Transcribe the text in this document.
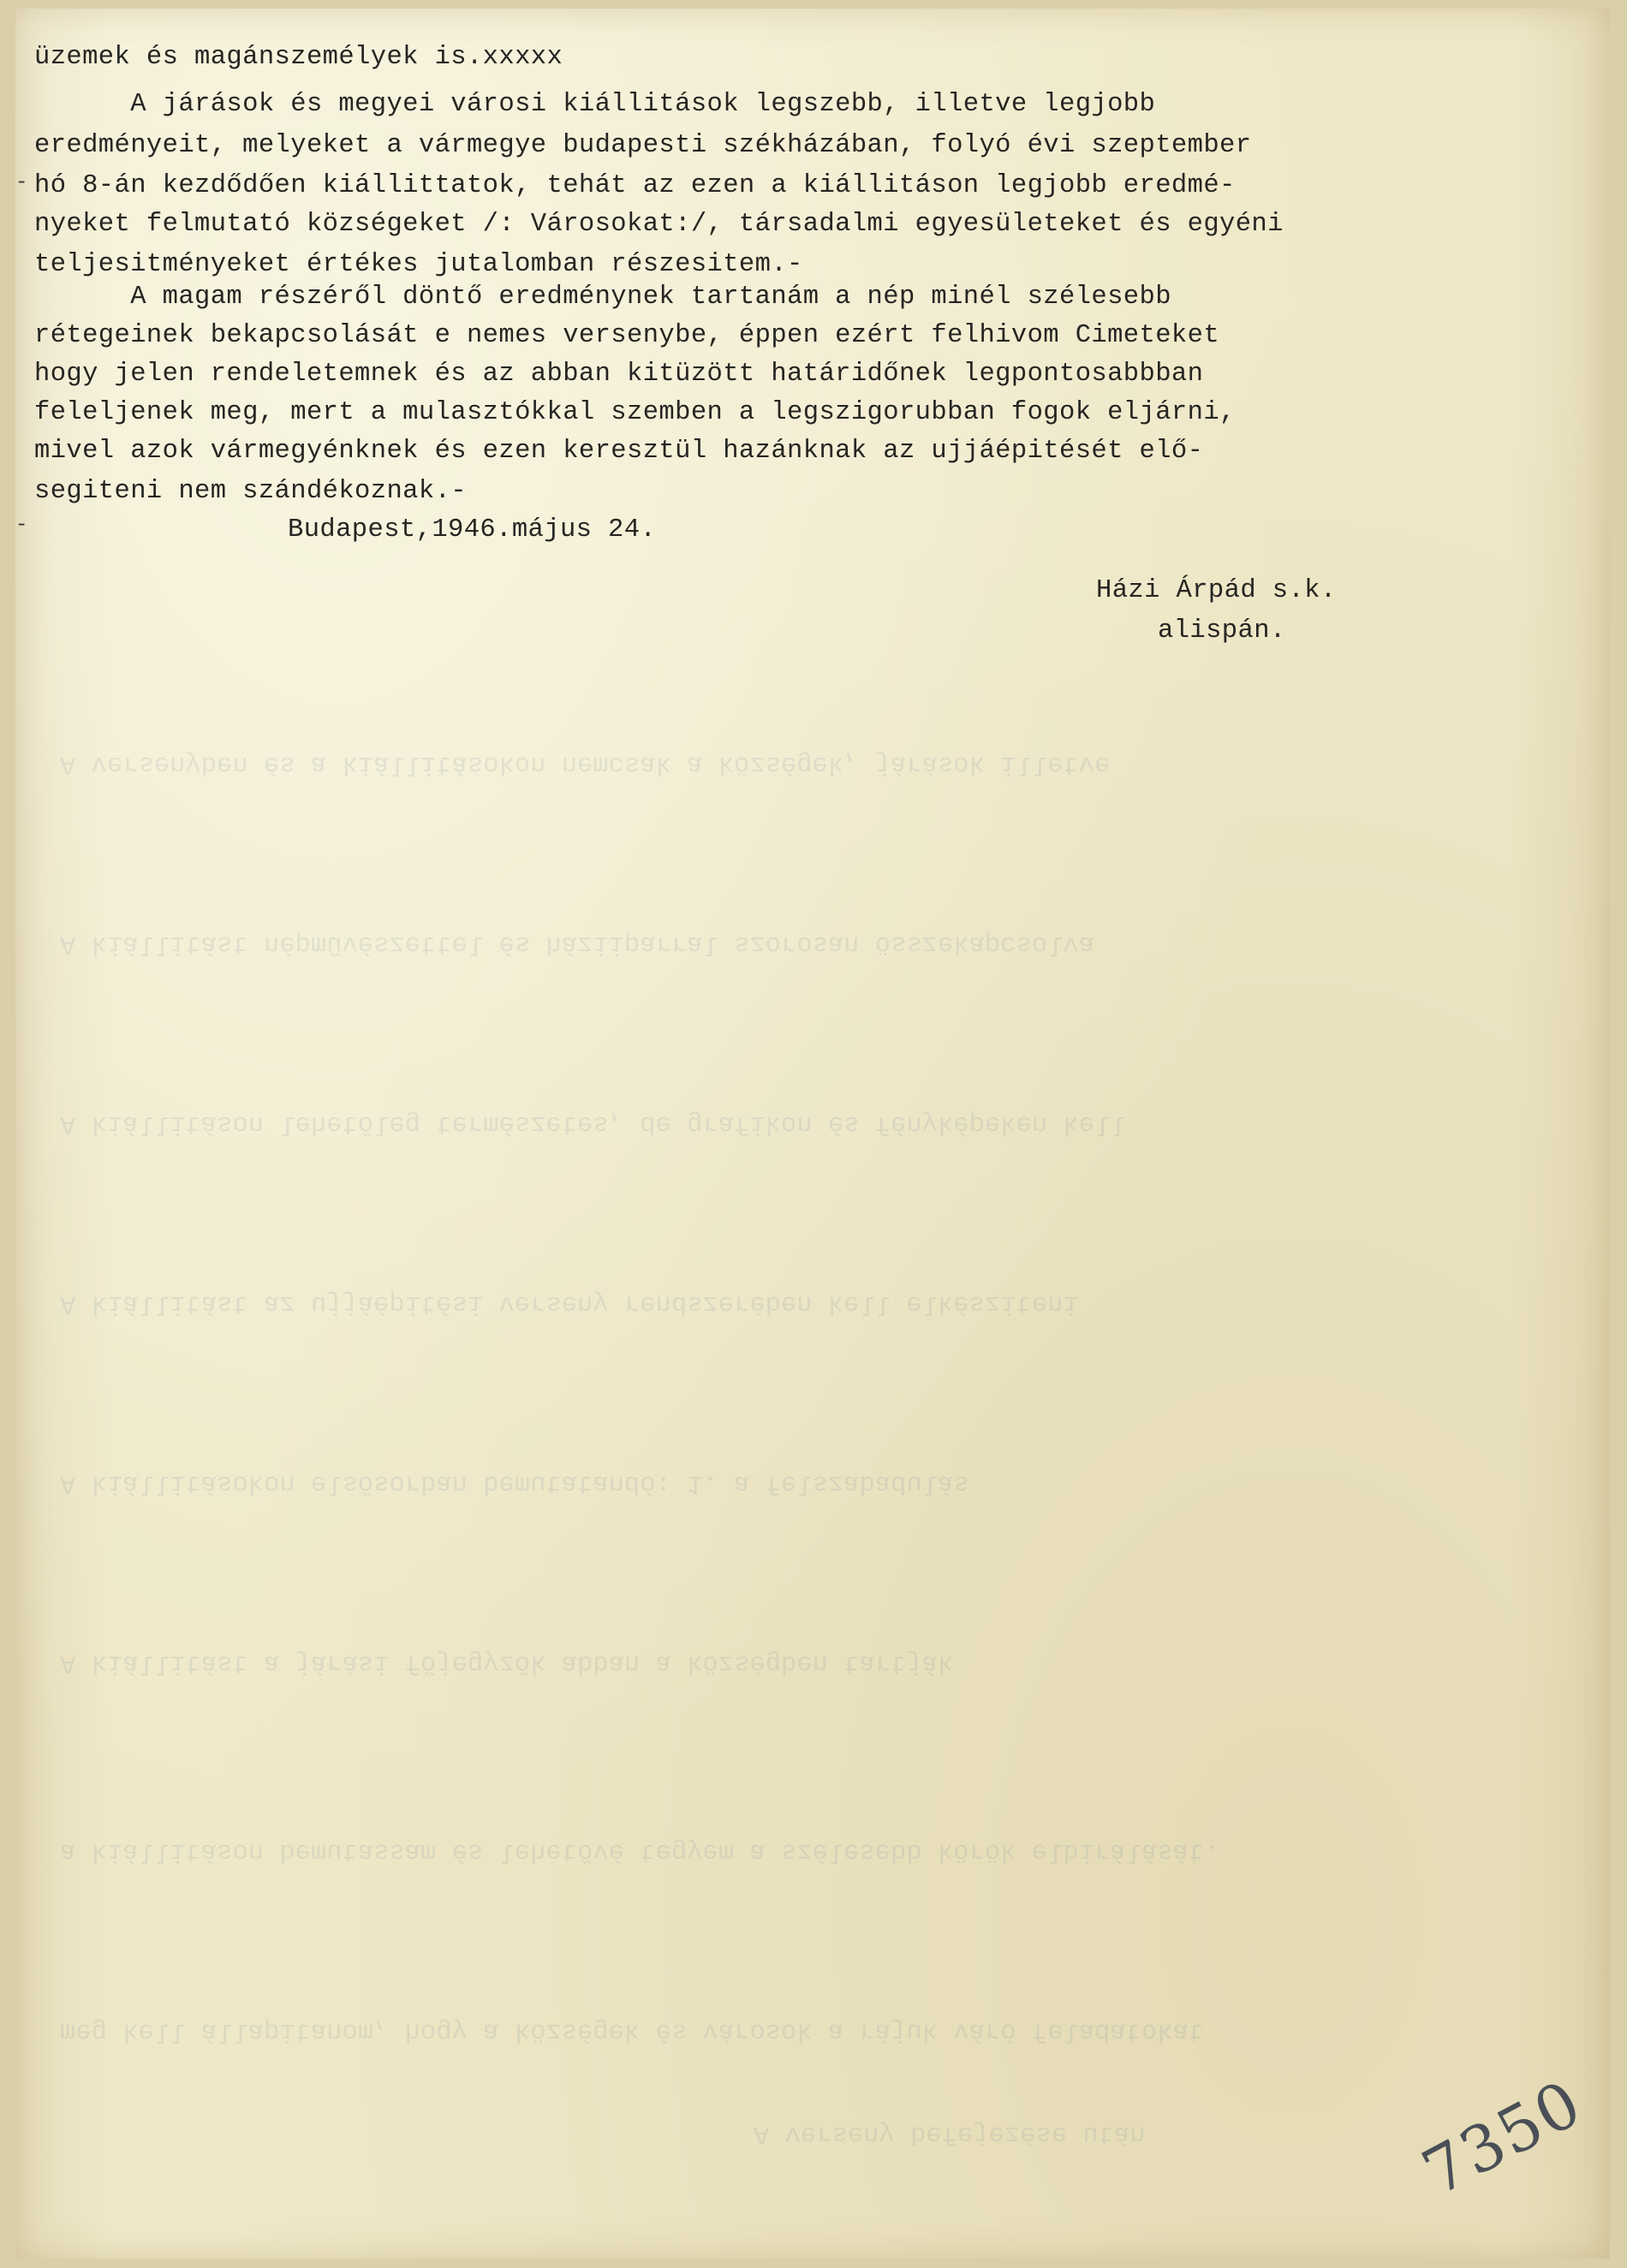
üzemek és magánszemélyek is.xxxxx

A járások és megyei városi kiállitások legszebb, illetve legjobb

eredményeit, melyeket a vármegye budapesti székházában, folyó évi szeptember

hó 8-án kezdődően kiállittatok, tehát az ezen a kiállitáson legjobb eredmé-

nyeket felmutató községeket /: Városokat:/, társadalmi egyesületeket és egyéni

teljesitményeket értékes jutalomban részesitem.-

A magam részéről döntő eredménynek tartanám a nép minél szélesebb

rétegeinek bekapcsolását e nemes versenybe, éppen ezért felhivom Cimeteket

hogy jelen rendeletemnek és az abban kitüzött határidőnek legpontosabbban

feleljenek meg, mert a mulasztókkal szemben a legszigorubban fogok eljárni,

mivel azok vármegyénknek és ezen keresztül hazánknak az ujjáépitését elő-

segiteni nem szándékoznak.-

Budapest,1946.május 24.

Házi Árpád s.k.

alispán.

-
-
7350
